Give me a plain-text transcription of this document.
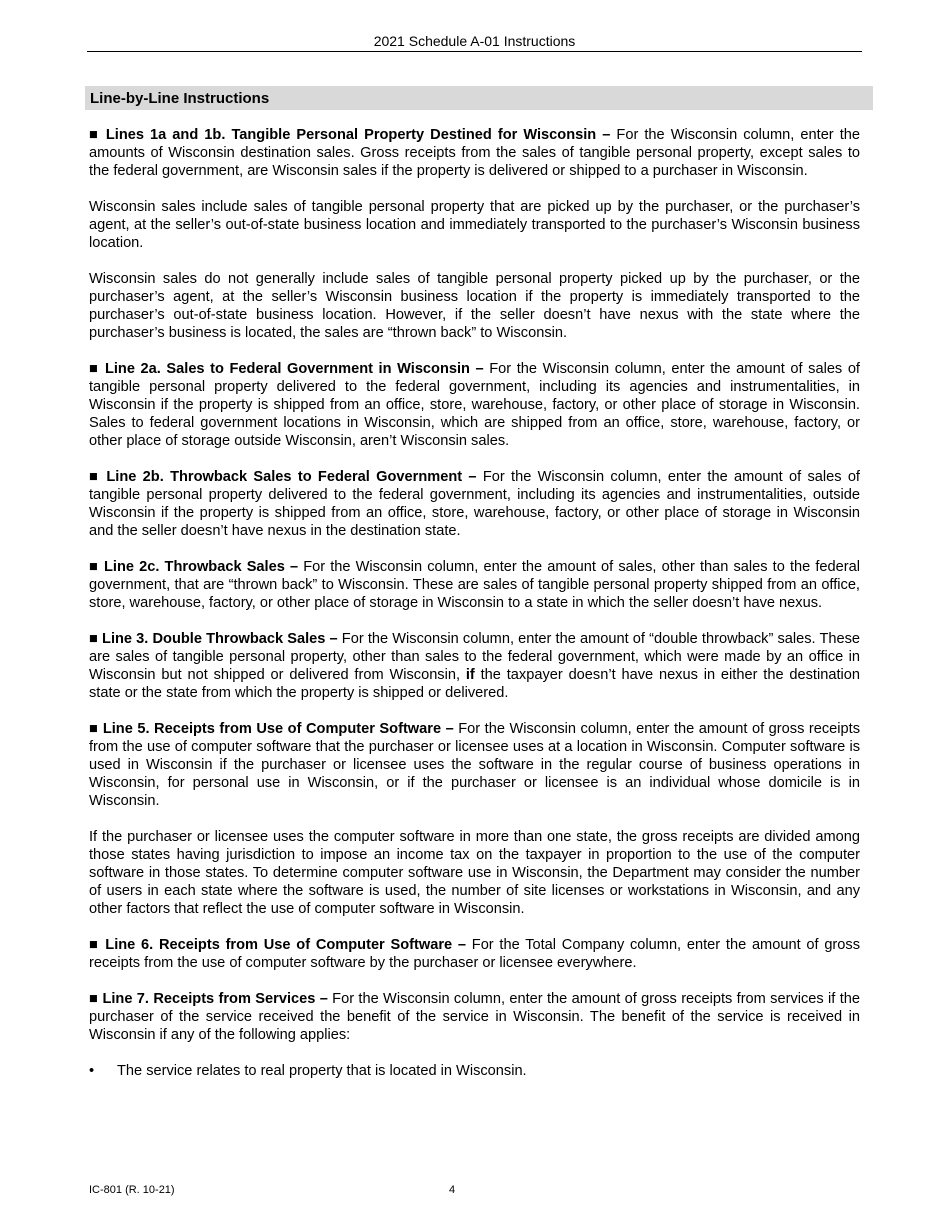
2021 Schedule A-01 Instructions
Line-by-Line Instructions

■ Lines 1a and 1b. Tangible Personal Property Destined for Wisconsin – For the Wisconsin column, enter the amounts of Wisconsin destination sales. Gross receipts from the sales of tangible personal property, except sales to the federal government, are Wisconsin sales if the property is delivered or shipped to a purchaser in Wisconsin.

Wisconsin sales include sales of tangible personal property that are picked up by the purchaser, or the purchaser’s agent, at the seller’s out-of-state business location and immediately transported to the purchaser’s Wisconsin business location.

Wisconsin sales do not generally include sales of tangible personal property picked up by the purchaser, or the purchaser’s agent, at the seller’s Wisconsin business location if the property is immediately transported to the purchaser’s out-of-state business location. However, if the seller doesn’t have nexus with the state where the purchaser’s business is located, the sales are “thrown back” to Wisconsin.

■ Line 2a. Sales to Federal Government in Wisconsin – For the Wisconsin column, enter the amount of sales of tangible personal property delivered to the federal government, including its agencies and instrumentalities, in Wisconsin if the property is shipped from an office, store, warehouse, factory, or other place of storage in Wisconsin. Sales to federal government locations in Wisconsin, which are shipped from an office, store, warehouse, factory, or other place of storage outside Wisconsin, aren’t Wisconsin sales.

■ Line 2b. Throwback Sales to Federal Government – For the Wisconsin column, enter the amount of sales of tangible personal property delivered to the federal government, including its agencies and instrumentalities, outside Wisconsin if the property is shipped from an office, store, warehouse, factory, or other place of storage in Wisconsin and the seller doesn’t have nexus in the destination state.

■ Line 2c. Throwback Sales – For the Wisconsin column, enter the amount of sales, other than sales to the federal government, that are “thrown back” to Wisconsin. These are sales of tangible personal property shipped from an office, store, warehouse, factory, or other place of storage in Wisconsin to a state in which the seller doesn’t have nexus.

■ Line 3. Double Throwback Sales – For the Wisconsin column, enter the amount of “double throwback” sales. These are sales of tangible personal property, other than sales to the federal government, which were made by an office in Wisconsin but not shipped or delivered from Wisconsin, if the taxpayer doesn’t have nexus in either the destination state or the state from which the property is shipped or delivered.

■ Line 5. Receipts from Use of Computer Software – For the Wisconsin column, enter the amount of gross receipts from the use of computer software that the purchaser or licensee uses at a location in Wisconsin. Computer software is used in Wisconsin if the purchaser or licensee uses the software in the regular course of business operations in Wisconsin, for personal use in Wisconsin, or if the purchaser or licensee is an individual whose domicile is in Wisconsin.

If the purchaser or licensee uses the computer software in more than one state, the gross receipts are divided among those states having jurisdiction to impose an income tax on the taxpayer in proportion to the use of the computer software in those states. To determine computer software use in Wisconsin, the Department may consider the number of users in each state where the software is used, the number of site licenses or workstations in Wisconsin, and any other factors that reflect the use of computer software in Wisconsin.

■ Line 6. Receipts from Use of Computer Software – For the Total Company column, enter the amount of gross receipts from the use of computer software by the purchaser or licensee everywhere.

■ Line 7. Receipts from Services – For the Wisconsin column, enter the amount of gross receipts from services if the purchaser of the service received the benefit of the service in Wisconsin. The benefit of the service is received in Wisconsin if any of the following applies:

•	The service relates to real property that is located in Wisconsin.
IC-801 (R. 10-21)	4
